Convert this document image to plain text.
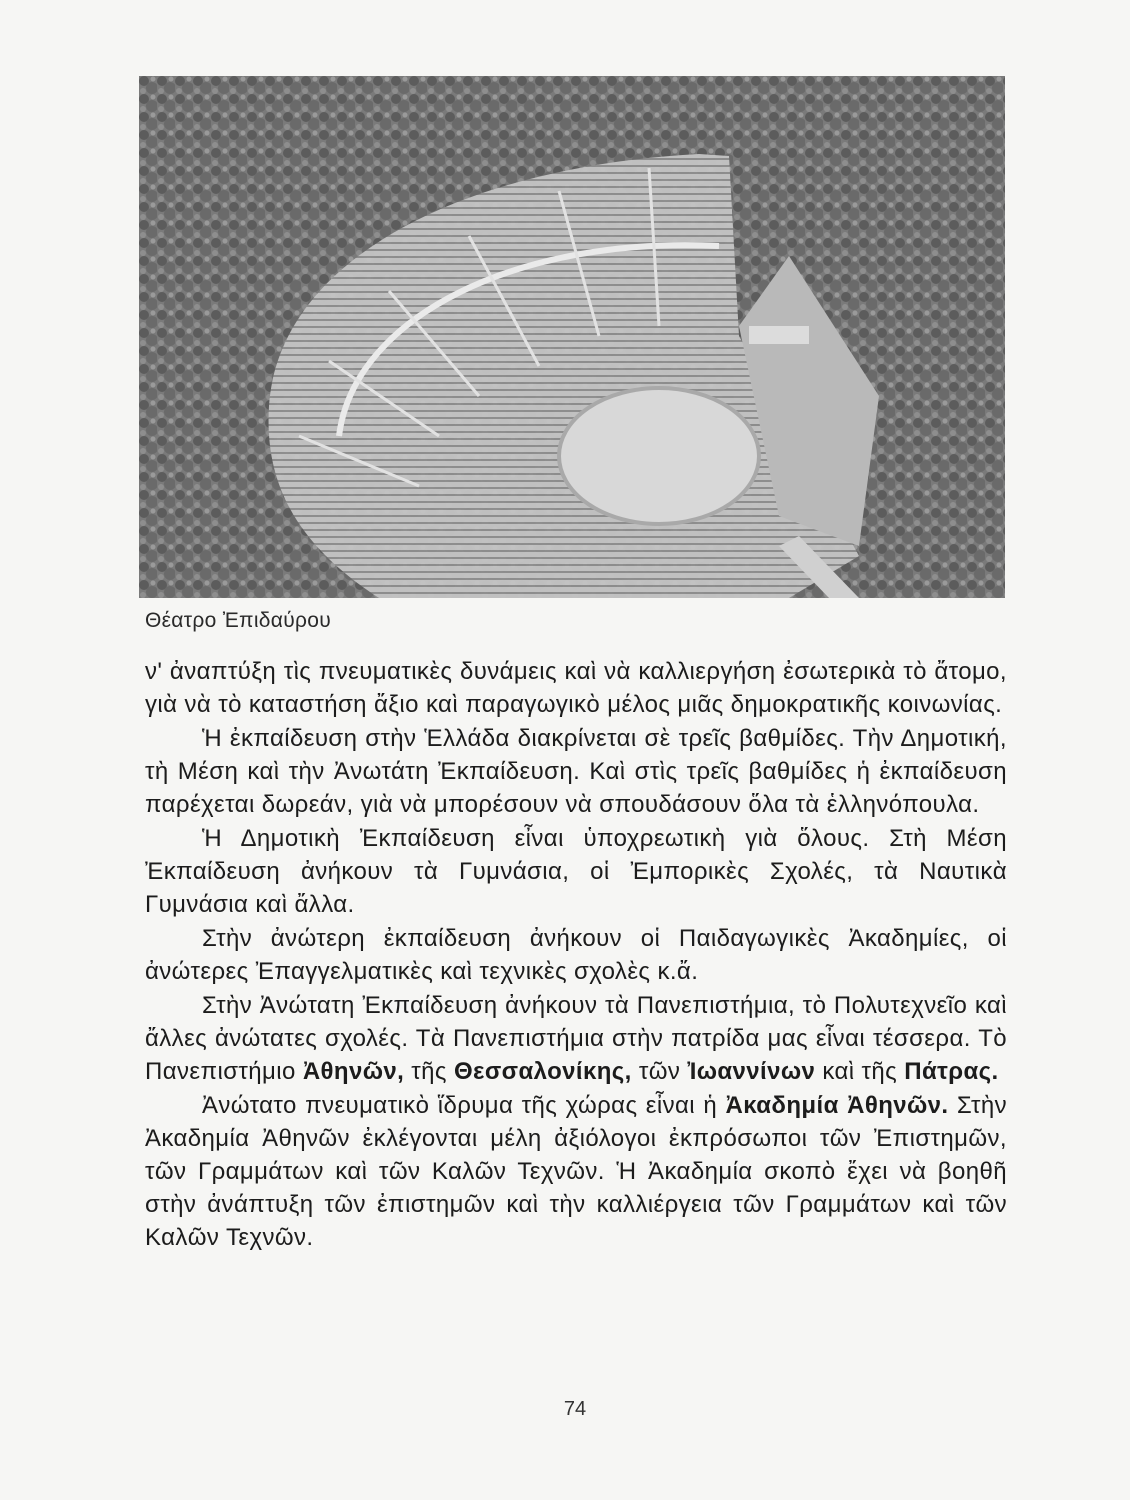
Θέατρο Ἐπιδαύρου

ν' ἀναπτύξη τὶς πνευματικὲς δυνάμεις καὶ νὰ καλλιεργήση ἐσωτερικὰ τὸ ἄτομο, γιὰ νὰ τὸ καταστήση ἄξιο καὶ παραγωγικὸ μέλος μιᾶς δημοκρατικῆς κοινωνίας.

Ἡ ἐκπαίδευση στὴν Ἑλλάδα διακρίνεται σὲ τρεῖς βαθμίδες. Τὴν Δημοτική, τὴ Μέση καὶ τὴν Ἀνωτάτη Ἐκπαίδευση. Καὶ στὶς τρεῖς βαθμίδες ἡ ἐκπαίδευση παρέχεται δωρεάν, γιὰ νὰ μπορέσουν νὰ σπουδάσουν ὅλα τὰ ἑλληνόπουλα.

Ἡ Δημοτικὴ Ἐκπαίδευση εἶναι ὑποχρεωτικὴ γιὰ ὅλους. Στὴ Μέση Ἐκπαίδευση ἀνήκουν τὰ Γυμνάσια, οἱ Ἐμπορικὲς Σχολές, τὰ Ναυτικὰ Γυμνάσια καὶ ἄλλα.

Στὴν ἀνώτερη ἐκπαίδευση ἀνήκουν οἱ Παιδαγωγικὲς Ἀκαδημίες, οἱ ἀνώτερες Ἐπαγγελματικὲς καὶ τεχνικὲς σχολὲς κ.ἄ.

Στὴν Ἀνώτατη Ἐκπαίδευση ἀνήκουν τὰ Πανεπιστήμια, τὸ Πολυτεχνεῖο καὶ ἄλλες ἀνώτατες σχολές. Τὰ Πανεπιστήμια στὴν πατρίδα μας εἶναι τέσσερα. Τὸ Πανεπιστήμιο Ἀθηνῶν, τῆς Θεσσαλονίκης, τῶν Ἰωαννίνων καὶ τῆς Πάτρας.

Ἀνώτατο πνευματικὸ ἵδρυμα τῆς χώρας εἶναι ἡ Ἀκαδημία Ἀθηνῶν. Στὴν Ἀκαδημία Ἀθηνῶν ἐκλέγονται μέλη ἀξιόλογοι ἐκπρόσωποι τῶν Ἐπιστημῶν, τῶν Γραμμάτων καὶ τῶν Καλῶν Τεχνῶν. Ἡ Ἀκαδημία σκοπὸ ἔχει νὰ βοηθῆ στὴν ἀνάπτυξη τῶν ἐπιστημῶν καὶ τὴν καλλιέργεια τῶν Γραμμάτων καὶ τῶν Καλῶν Τεχνῶν.

74
